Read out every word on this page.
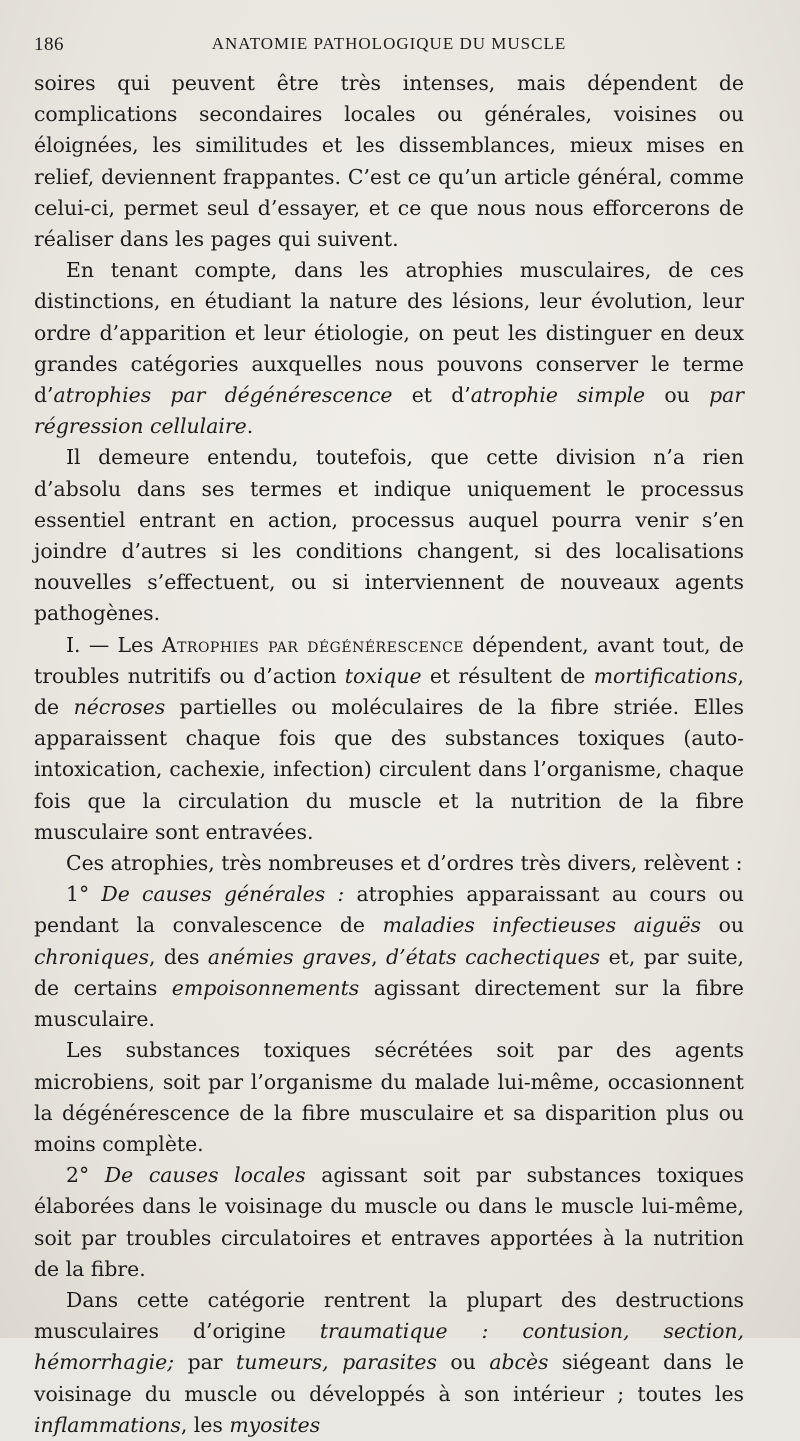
186	ANATOMIE PATHOLOGIQUE DU MUSCLE

soires qui peuvent être très intenses, mais dépendent de complications secondaires locales ou générales, voisines ou éloignées, les similitudes et les dissemblances, mieux mises en relief, deviennent frappantes. C’est ce qu’un article général, comme celui-ci, permet seul d’essayer, et ce que nous nous efforcerons de réaliser dans les pages qui suivent.

En tenant compte, dans les atrophies musculaires, de ces distinctions, en étudiant la nature des lésions, leur évolution, leur ordre d’apparition et leur étiologie, on peut les distinguer en deux grandes catégories auxquelles nous pouvons conserver le terme d’atrophies par dégénérescence et d’atrophie simple ou par régression cellulaire.

Il demeure entendu, toutefois, que cette division n’a rien d’absolu dans ses termes et indique uniquement le processus essentiel entrant en action, processus auquel pourra venir s’en joindre d’autres si les conditions changent, si des localisations nouvelles s’effectuent, ou si interviennent de nouveaux agents pathogènes.

I. — Les Atrophies par dégénérescence dépendent, avant tout, de troubles nutritifs ou d’action toxique et résultent de mortifications, de nécroses partielles ou moléculaires de la fibre striée. Elles apparaissent chaque fois que des substances toxiques (auto-intoxication, cachexie, infection) circulent dans l’organisme, chaque fois que la circulation du muscle et la nutrition de la fibre musculaire sont entravées.

Ces atrophies, très nombreuses et d’ordres très divers, relèvent :

1° De causes générales : atrophies apparaissant au cours ou pendant la convalescence de maladies infectieuses aiguës ou chroniques, des anémies graves, d’états cachectiques et, par suite, de certains empoisonnements agissant directement sur la fibre musculaire.

Les substances toxiques sécrétées soit par des agents microbiens, soit par l’organisme du malade lui-même, occasionnent la dégénérescence de la fibre musculaire et sa disparition plus ou moins complète.

2° De causes locales agissant soit par substances toxiques élaborées dans le voisinage du muscle ou dans le muscle lui-même, soit par troubles circulatoires et entraves apportées à la nutrition de la fibre.

Dans cette catégorie rentrent la plupart des destructions musculaires d’origine traumatique : contusion, section, hémorrhagie; par tumeurs, parasites ou abcès siégeant dans le voisinage du muscle ou développés à son intérieur ; toutes les inflammations, les myosites
